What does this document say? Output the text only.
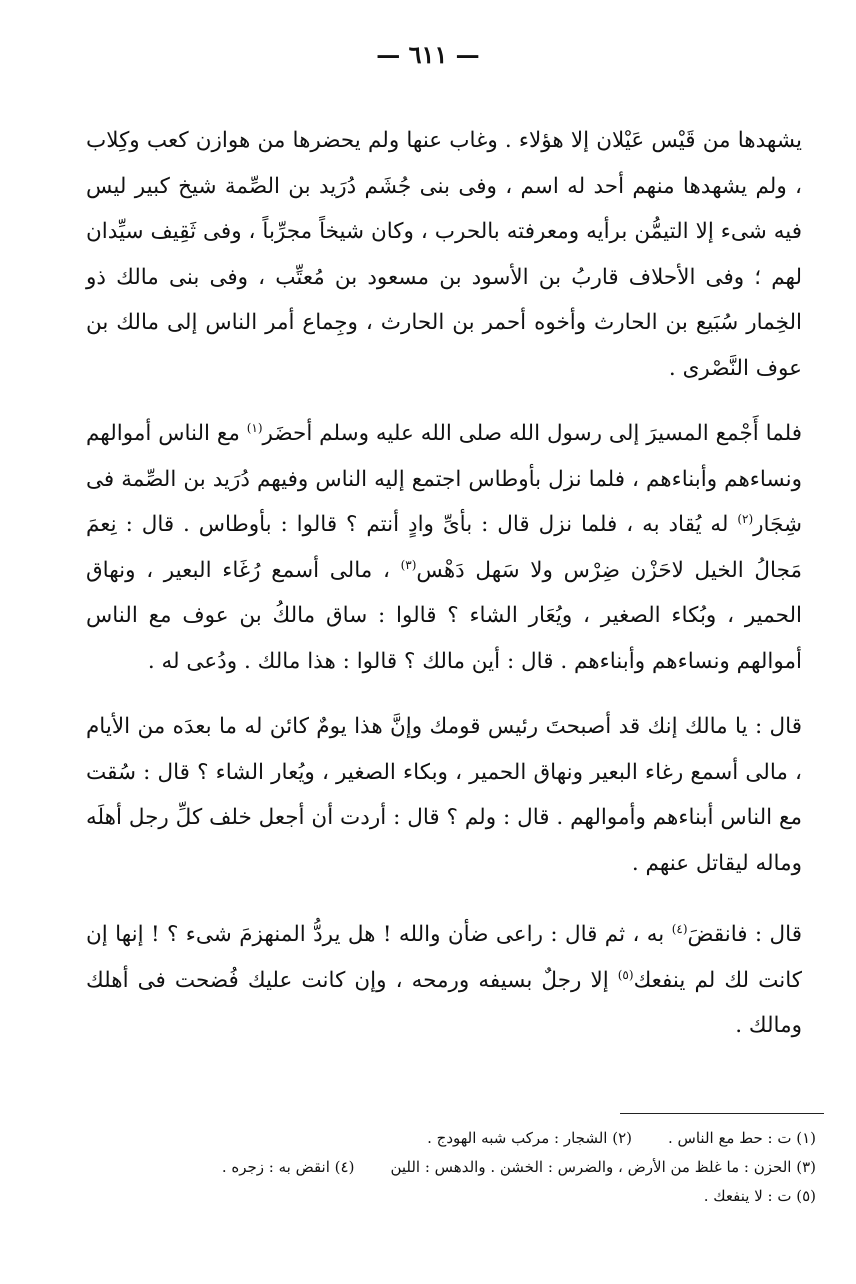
— ٦١١ —

يشهدها من قَيْس عَيْلان إلا هؤلاء . وغاب عنها ولم يحضرها من هوازن كعب وكِلاب ، ولم يشهدها منهم أحد له اسم ، وفى بنى جُشَم دُرَيد بن الصِّمة شيخ كبير ليس فيه شىء إلا التيمُّن برأيه ومعرفته بالحرب ، وكان شيخاً مجرِّباً ، وفى ثَقِيف سيِّدان لهم ؛ وفى الأحلاف قاربُ بن الأسود بن مسعود بن مُعتِّب ، وفى بنى مالك ذو الخِمار سُبَيع بن الحارث وأخوه أحمر بن الحارث ، وجِماع أمر الناس إلى مالك بن عوف النَّصْرى .

فلما أَجْمع المسيرَ إلى رسول الله صلى الله عليه وسلم أحضَر$^{(١)}$ مع الناس أموالهم ونساءهم وأبناءهم ، فلما نزل بأوطاس اجتمع إليه الناس وفيهم دُرَيد بن الصِّمة فى شِجَار$^{(٢)}$ له يُقاد به ، فلما نزل قال : بأىِّ وادٍ أنتم ؟ قالوا : بأوطاس . قال : نِعمَ مَجالُ الخيل لاحَزْن ضِرْس ولا سَهل دَهْس$^{(٣)}$ ، مالى أسمع رُغَاء البعير ، ونهاق الحمير ، وبُكاء الصغير ، ويُعَار الشاء ؟ قالوا : ساق مالكُ بن عوف مع الناس أموالهم ونساءهم وأبناءهم . قال : أين مالك ؟ قالوا : هذا مالك . ودُعى له .

قال : يا مالك إنك قد أصبحتَ رئيس قومك وإنَّ هذا يومٌ كائن له ما بعدَه من الأيام ، مالى أسمع رغاء البعير ونهاق الحمير ، وبكاء الصغير ، ويُعار الشاء ؟ قال : سُقت مع الناس أبناءهم وأموالهم . قال : ولم ؟ قال : أردت أن أجعل خلف كلِّ رجل أهلَه وماله ليقاتل عنهم .

قال : فانقضَ$^{(٤)}$ به ، ثم قال : راعى ضأن والله ! هل يردُّ المنهزمَ شىء ؟ ! إنها إن كانت لك لم ينفعك$^{(٥)}$ إلا رجلٌ بسيفه ورمحه ، وإن كانت عليك فُضحت فى أهلك ومالك .

(١) ت : حط مع الناس .
(٢) الشجار : مركب شبه الهودج .
(٣) الحزن : ما غلظ من الأرض ، والضرس : الخشن . والدهس : اللين
(٤) انقض به : زجره .
(٥) ت : لا ينفعك .
